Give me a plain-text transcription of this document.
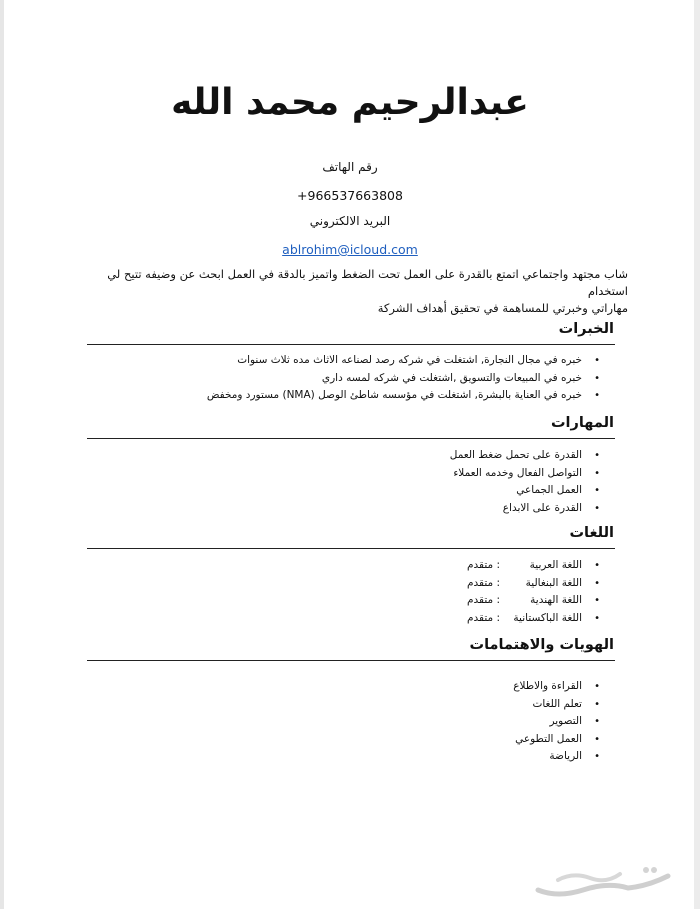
عبدالرحيم محمد الله
رقم الهاتف
+966537663808
البريد الالكتروني
ablrohim@icloud.com
شاب مجتهد واجتماعي اتمتع بالقدرة على العمل تحت الضغط واتميز بالدقة في العمل ابحث عن وضيفه تتيح لي استخدام
مهاراتي وخبرتي للمساهمة في تحقيق أهداف الشركة
الخبرات
•
خبره في مجال النجارة, اشتغلت في شركه رصد لصناعه الاثاث مده ثلاث سنوات
•
خبره في المبيعات والتسويق ,اشتغلت في شركه لمسه داري
•
خبره في العناية بالبشرة, اشتغلت في مؤسسه شاطئ الوصل (NMA) مستورد ومخفض
المهارات
•
القدرة على تحمل ضغط العمل
•
التواصل الفعال وخدمه العملاء
•
العمل الجماعي
•
القدرة على الابداع
اللغات
•
اللغة العربية: متقدم
•
اللغة البنغالية: متقدم
•
اللغة الهندية: متقدم
•
اللغة الباكستانية: متقدم
الهويات والاهتمامات
•
القراءة والاطلاع
•
تعلم اللغات
•
التصوير
•
العمل التطوعي
•
الرياضة
